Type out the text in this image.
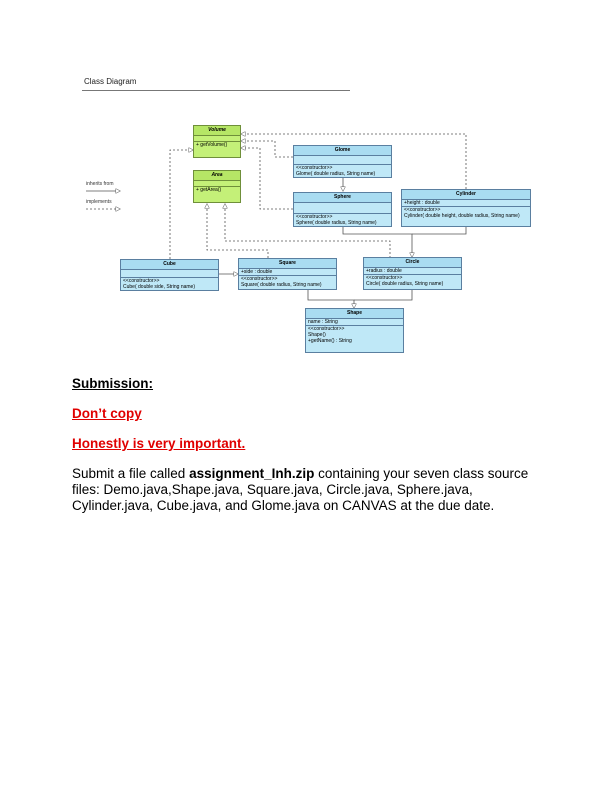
Class Diagram
inherits from
implements
Volume
+ getVolume()
Area
+ getArea()
Glome
<<constructor>>
Glome( double radius, String name)
Sphere
<<constructor>>
Sphere( double radius, String name)
Cylinder
+height : double
<<constructor>>
Cylinder( double height, double radius, String name)
Cube
<<constructor>>
Cube( double side, String name)
Square
+side : double
<<constructor>>
Square( double radius, String name)
Circle
+radius : double
<<constructor>>
Circle( double radius, String name)
Shape
name : String
<<constructor>>
Shape()
+getName() : String
Submission:
Don’t copy
Honestly is very important.
Submit a file called assignment_Inh.zip containing your seven class source files: Demo.java,Shape.java, Square.java, Circle.java, Sphere.java, Cylinder.java, Cube.java, and Glome.java on CANVAS at the due date.
